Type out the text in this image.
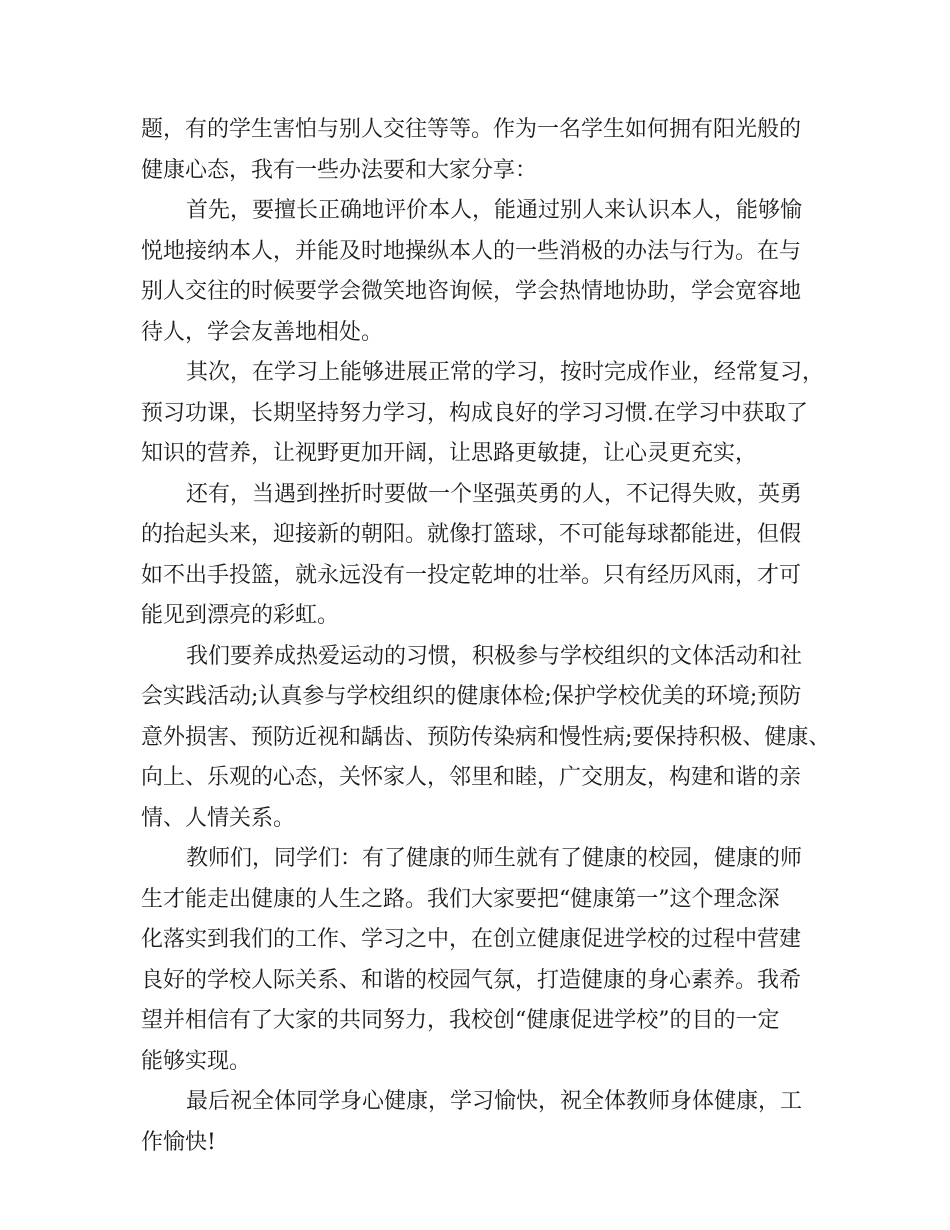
题，有的学生害怕与别人交往等等。作为一名学生如何拥有阳光般的
健康心态，我有一些办法要和大家分享：
首先，要擅长正确地评价本人，能通过别人来认识本人，能够愉
悦地接纳本人，并能及时地操纵本人的一些消极的办法与行为。在与
别人交往的时候要学会微笑地咨询候，学会热情地协助，学会宽容地
待人，学会友善地相处。
其次，在学习上能够进展正常的学习，按时完成作业，经常复习，
预习功课，长期坚持努力学习，构成良好的学习习惯.在学习中获取了
知识的营养，让视野更加开阔，让思路更敏捷，让心灵更充实，
还有，当遇到挫折时要做一个坚强英勇的人，不记得失败，英勇
的抬起头来，迎接新的朝阳。就像打篮球，不可能每球都能进，但假
如不出手投篮，就永远没有一投定乾坤的壮举。只有经历风雨，才可
能见到漂亮的彩虹。
我们要养成热爱运动的习惯，积极参与学校组织的文体活动和社
会实践活动;认真参与学校组织的健康体检;保护学校优美的环境;预防
意外损害、预防近视和龋齿、预防传染病和慢性病;要保持积极、健康、
向上、乐观的心态，关怀家人，邻里和睦，广交朋友，构建和谐的亲
情、人情关系。
教师们，同学们：有了健康的师生就有了健康的校园，健康的师
生才能走出健康的人生之路。我们大家要把“健康第一”这个理念深
化落实到我们的工作、学习之中，在创立健康促进学校的过程中营建
良好的学校人际关系、和谐的校园气氛，打造健康的身心素养。我希
望并相信有了大家的共同努力，我校创“健康促进学校”的目的一定
能够实现。
最后祝全体同学身心健康，学习愉快，祝全体教师身体健康，工
作愉快!
